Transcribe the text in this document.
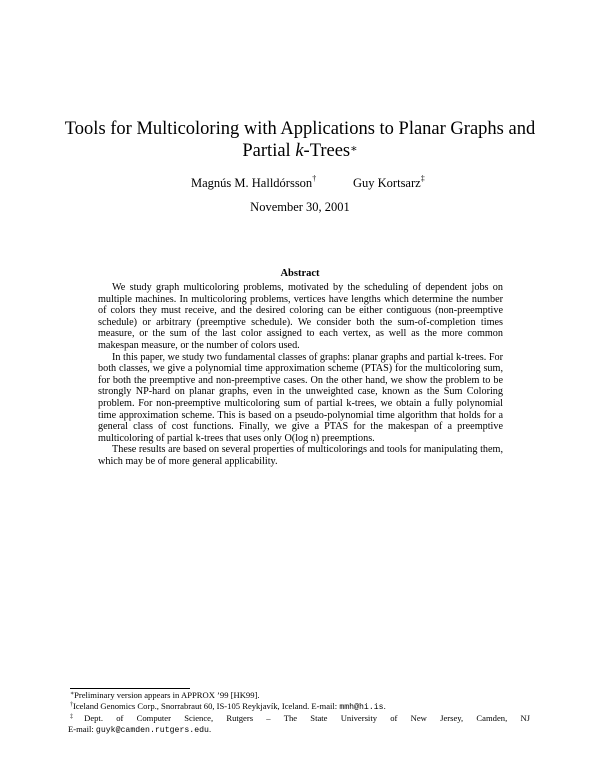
Tools for Multicoloring with Applications to Planar Graphs and
Partial k-Trees∗
Magnús M. Halldórsson†	Guy Kortsarz‡
November 30, 2001
Abstract

We study graph multicoloring problems, motivated by the scheduling of dependent jobs on multiple machines. In multicoloring problems, vertices have lengths which determine the number of colors they must receive, and the desired coloring can be either contiguous (non-preemptive schedule) or arbitrary (preemptive schedule). We consider both the sum-of-completion times measure, or the sum of the last color assigned to each vertex, as well as the more common makespan measure, or the number of colors used.

In this paper, we study two fundamental classes of graphs: planar graphs and partial k-trees. For both classes, we give a polynomial time approximation scheme (PTAS) for the multicoloring sum, for both the preemptive and non-preemptive cases. On the other hand, we show the problem to be strongly NP-hard on planar graphs, even in the unweighted case, known as the Sum Coloring problem. For non-preemptive multicoloring sum of partial k-trees, we obtain a fully polynomial time approximation scheme. This is based on a pseudo-polynomial time algorithm that holds for a general class of cost functions. Finally, we give a PTAS for the makespan of a preemptive multicoloring of partial k-trees that uses only O(log n) preemptions.

These results are based on several properties of multicolorings and tools for manipulating them, which may be of more general applicability.

∗Preliminary version appears in APPROX ’99 [HK99].

†Iceland Genomics Corp., Snorrabraut 60, IS-105 Reykjavík, Iceland. E-mail: mmh@hi.is.

‡Dept. of Computer Science, Rutgers – The State University of New Jersey, Camden, NJ

E-mail: guyk@camden.rutgers.edu.
